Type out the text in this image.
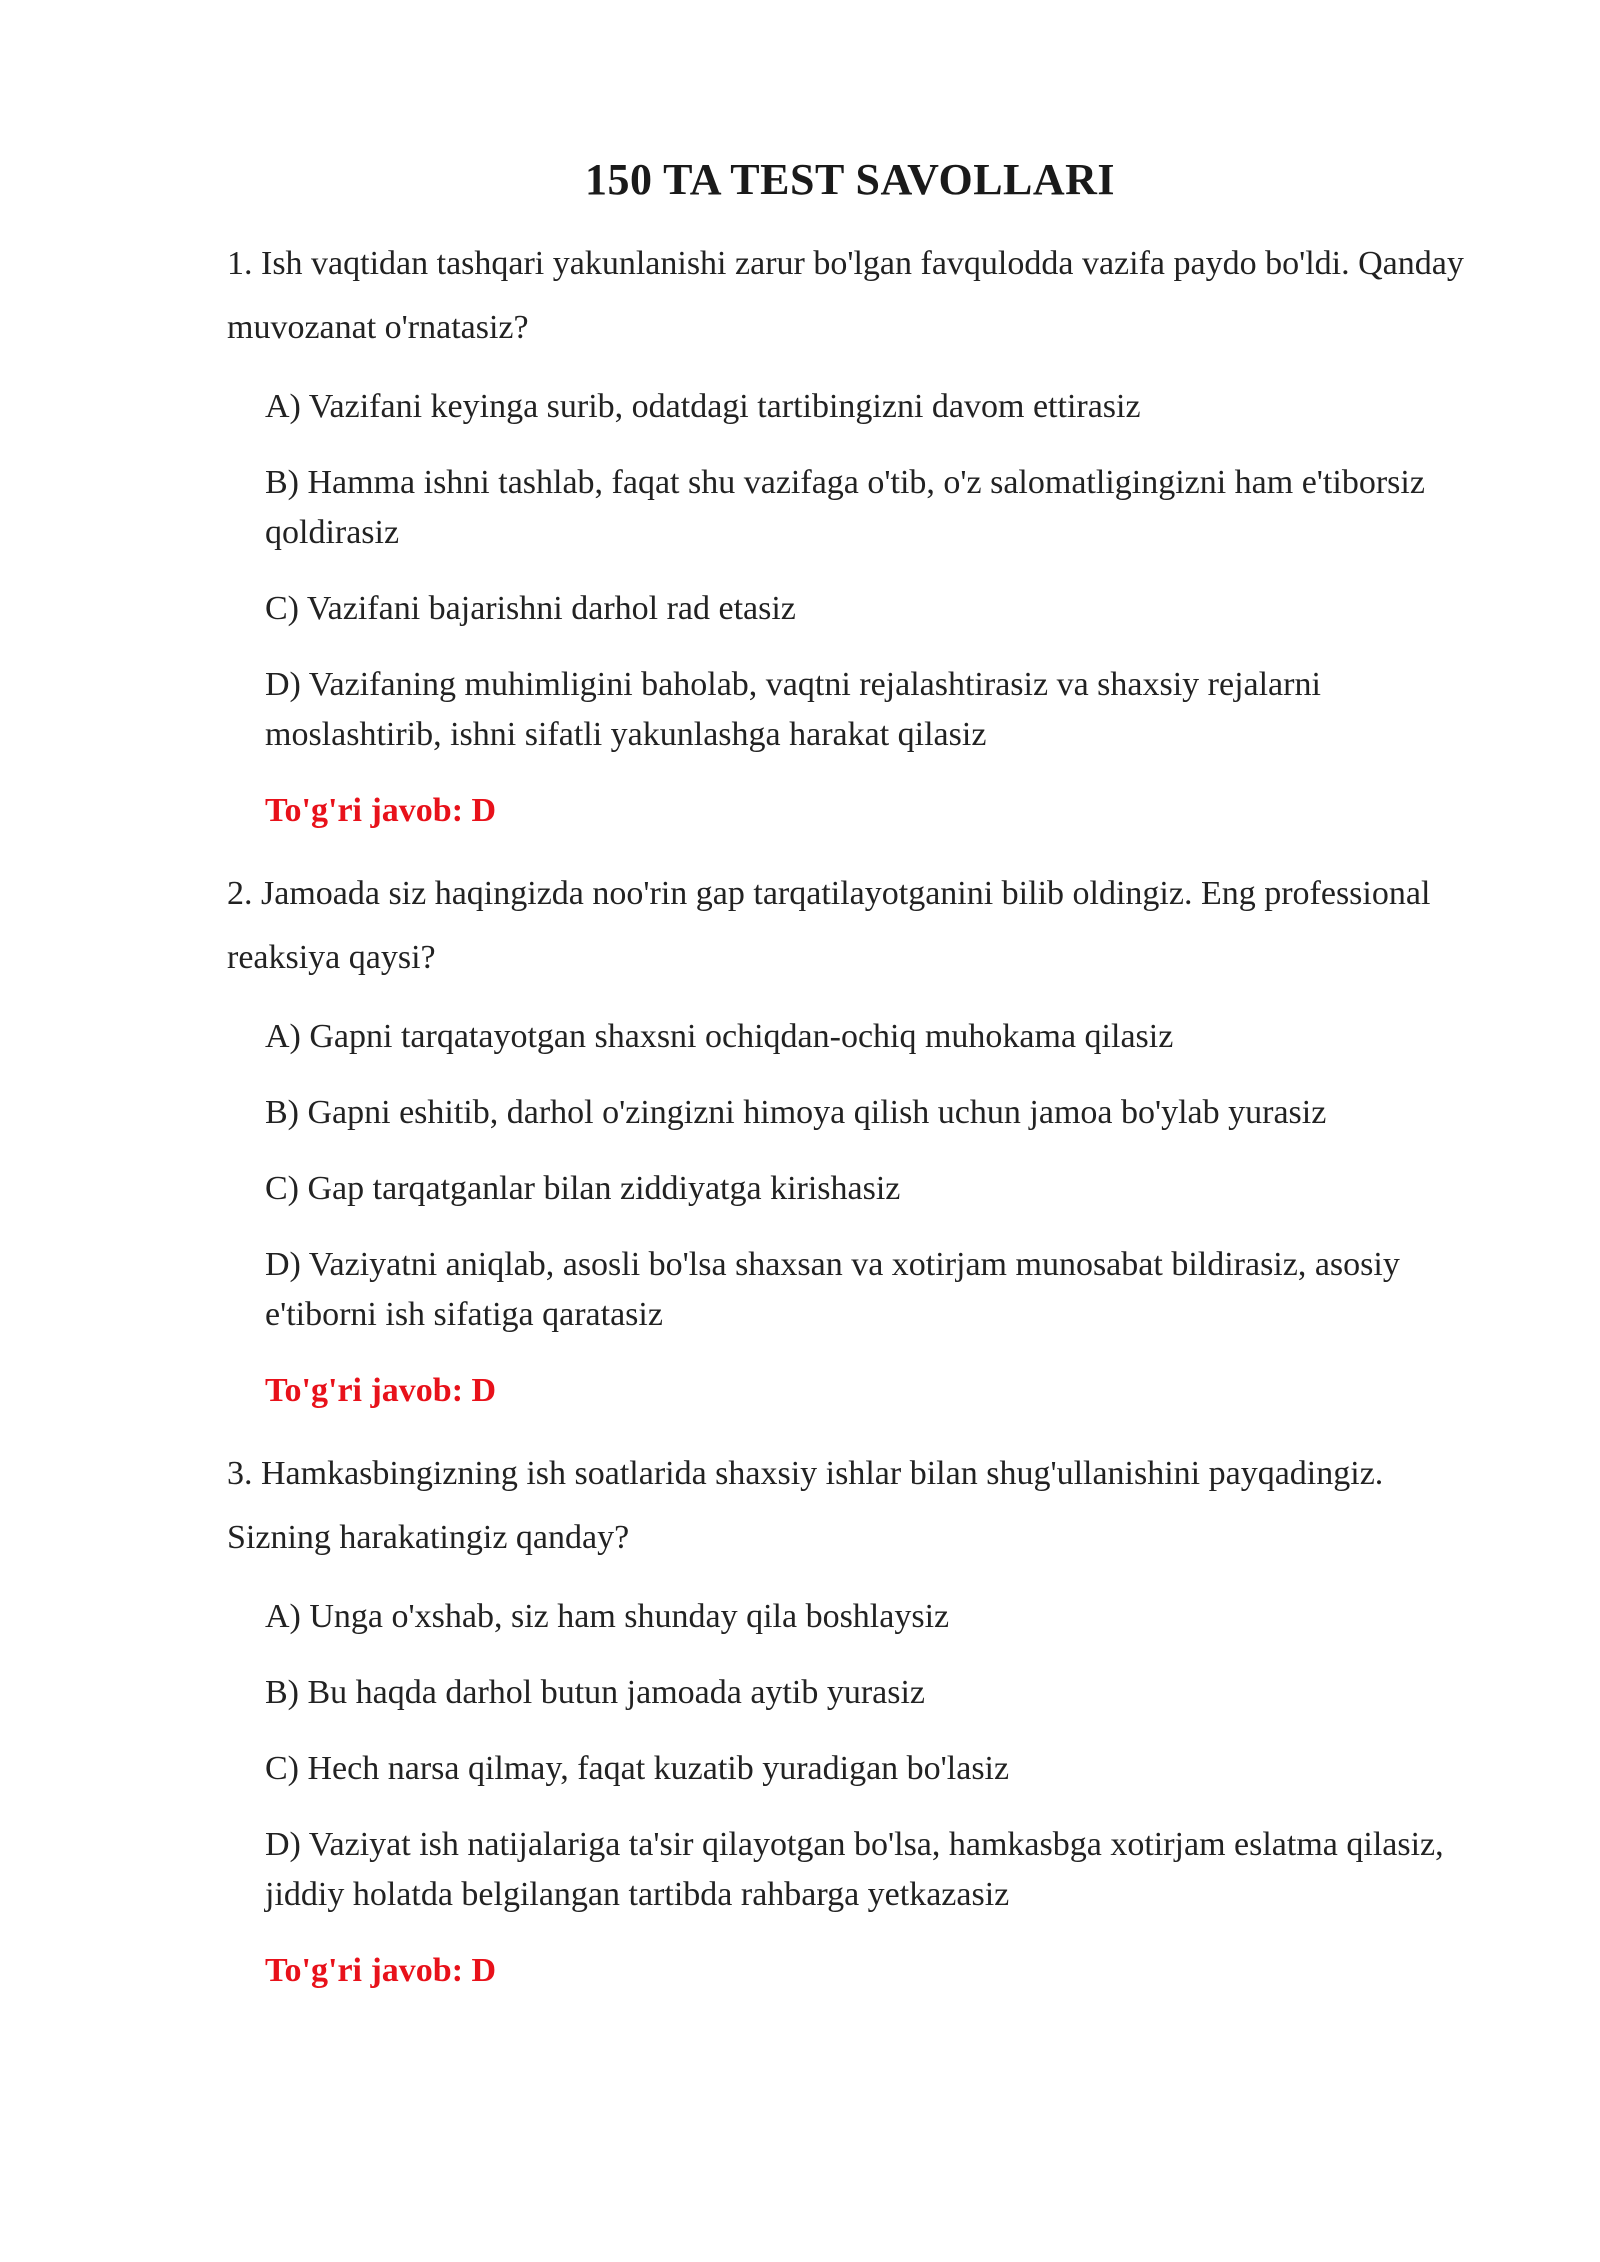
150 TA TEST SAVOLLARI
1. Ish vaqtidan tashqari yakunlanishi zarur bo'lgan favqulodda vazifa paydo bo'ldi. Qanday muvozanat o'rnatasiz?
A) Vazifani keyinga surib, odatdagi tartibingizni davom ettirasiz
B) Hamma ishni tashlab, faqat shu vazifaga o'tib, o'z salomatligingizni ham e'tiborsiz qoldirasiz
C) Vazifani bajarishni darhol rad etasiz
D) Vazifaning muhimligini baholab, vaqtni rejalashtirasiz va shaxsiy rejalarni moslashtirib, ishni sifatli yakunlashga harakat qilasiz
To'g'ri javob: D
2. Jamoada siz haqingizda noo'rin gap tarqatilayotganini bilib oldingiz. Eng professional reaksiya qaysi?
A) Gapni tarqatayotgan shaxsni ochiqdan-ochiq muhokama qilasiz
B) Gapni eshitib, darhol o'zingizni himoya qilish uchun jamoa bo'ylab yurasiz
C) Gap tarqatganlar bilan ziddiyatga kirishasiz
D) Vaziyatni aniqlab, asosli bo'lsa shaxsan va xotirjam munosabat bildirasiz, asosiy e'tiborni ish sifatiga qaratasiz
To'g'ri javob: D
3. Hamkasbingizning ish soatlarida shaxsiy ishlar bilan shug'ullanishini payqadingiz. Sizning harakatingiz qanday?
A) Unga o'xshab, siz ham shunday qila boshlaysiz
B) Bu haqda darhol butun jamoada aytib yurasiz
C) Hech narsa qilmay, faqat kuzatib yuradigan bo'lasiz
D) Vaziyat ish natijalariga ta'sir qilayotgan bo'lsa, hamkasbga xotirjam eslatma qilasiz, jiddiy holatda belgilangan tartibda rahbarga yetkazasiz
To'g'ri javob: D
